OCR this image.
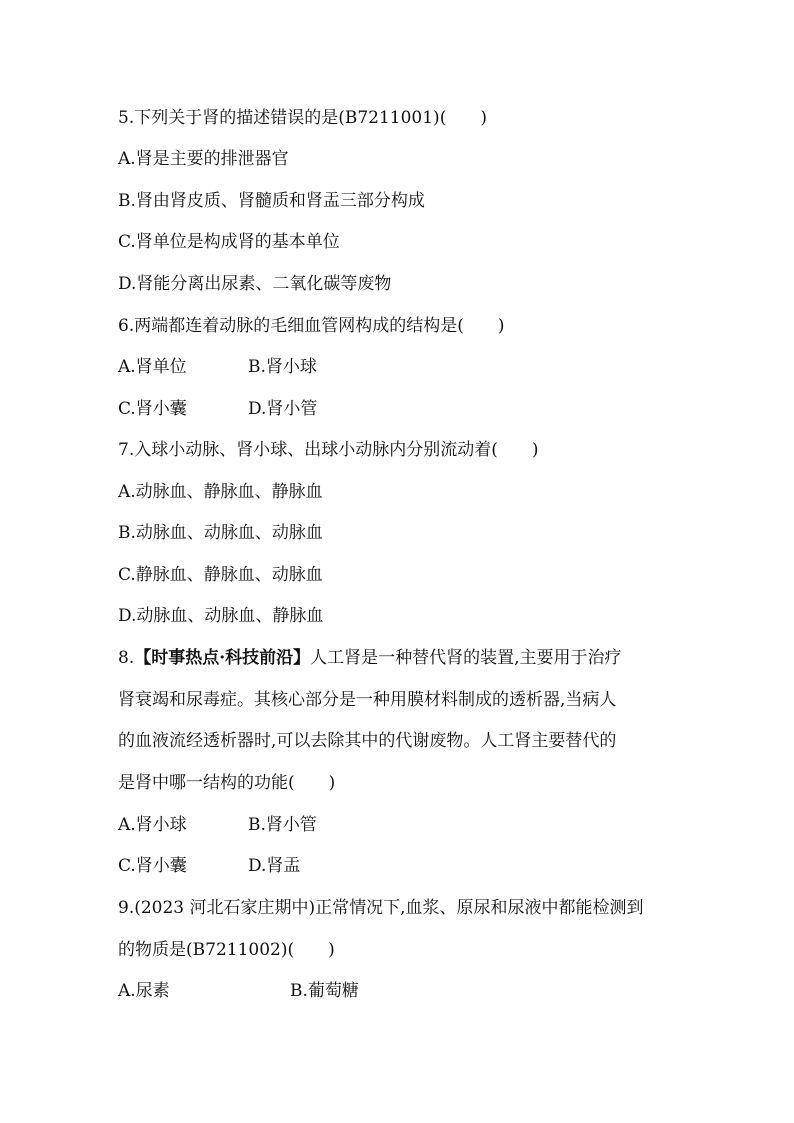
5.下列关于肾的描述错误的是(B7211001)(　　)
A.肾是主要的排泄器官
B.肾由肾皮质、肾髓质和肾盂三部分构成
C.肾单位是构成肾的基本单位
D.肾能分离出尿素、二氧化碳等废物
6.两端都连着动脉的毛细血管网构成的结构是(　　)
A.肾单位	B.肾小球
C.肾小囊	D.肾小管
7.入球小动脉、肾小球、出球小动脉内分别流动着(　　)
A.动脉血、静脉血、静脉血
B.动脉血、动脉血、动脉血
C.静脉血、静脉血、动脉血
D.动脉血、动脉血、静脉血
8.【时事热点·科技前沿】人工肾是一种替代肾的装置,主要用于治疗
肾衰竭和尿毒症。其核心部分是一种用膜材料制成的透析器,当病人
的血液流经透析器时,可以去除其中的代谢废物。人工肾主要替代的
是肾中哪一结构的功能(　　)
A.肾小球	B.肾小管
C.肾小囊	D.肾盂
9.(2023 河北石家庄期中)正常情况下,血浆、原尿和尿液中都能检测到
的物质是(B7211002)(　　)
A.尿素	B.葡萄糖
